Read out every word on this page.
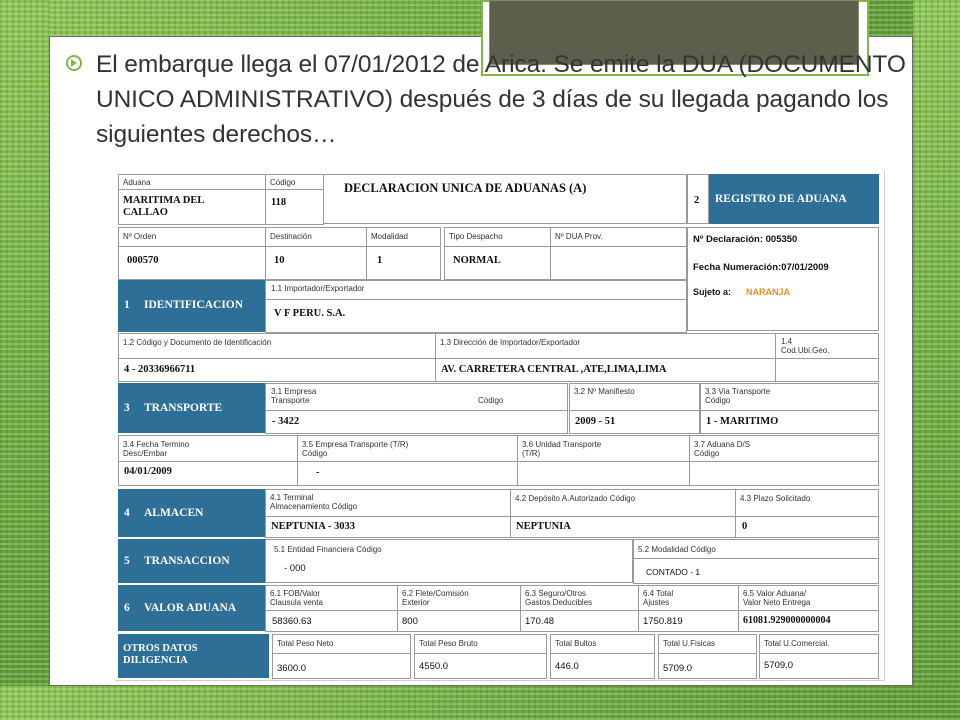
El embarque llega el 07/01/2012 de Arica. Se emite la DUA (DOCUMENTO UNICO ADMINISTRATIVO) después de 3 días de su llegada pagando los siguientes derechos…
Aduana
MARITIMA DEL CALLAO
Código
118
DECLARACION UNICA DE ADUANAS (A)
2 REGISTRO DE ADUANA
Nº Orden
000570
Destinación
10
Modalidad
1
Tipo Despacho
NORMAL
Nº DUA Prov.	Nº Declaración: 005350
Fecha Numeración:07/01/2009
Sujeto a: NARANJA
1 IDENTIFICACION
1.1 Importador/Exportador
V F PERU. S.A.
1.2 Código y Documento de Identificación
4 - 20336966711
1.3 Dirección de Importador/Exportador
AV. CARRETERA CENTRAL ,ATE,LIMA,LIMA
1.4
Cod.Ubi.Geo.
3 TRANSPORTE
3.1 Empresa
Transporte	Código
- 3422
3.2 Nº Manifiesto
2009 - 51
3.3 Via Transporte
Código
1 - MARITIMO
3.4 Fecha Termino
Desc/Embar
04/01/2009
3.5 Empresa Transporte (T/R)
Código
-
3.6 Unidad Transporte
(T/R)
3.7 Aduana D/S
Código
4 ALMACEN
4.1 Terminal
Almacenamiento Código
NEPTUNIA - 3033
4.2 Depósito A.Autorizado Código
NEPTUNIA
4.3 Plazo Solicitado
0
5 TRANSACCION
5.1 Entidad Financiera Código
- 000
5.2 Modalidad Código
CONTADO - 1
6 VALOR ADUANA
6.1 FOB/Valor
Clausula venta
58360.63
6.2 Flete/Comisión
Exterior
800
6.3 Seguro/Otros
Gastos Deducibles
170.48
6.4 Total
Ajustes
1750.819
6.5 Valor Aduana/
Valor Neto Entrega
61081.929000000004
OTROS DATOS
DILIGENCIA
Total Peso Neto
3600.0
Total Peso Bruto
4550.0
Total Bultos
446.0
Total U.Fisicas
5709.0
Total U.Comercial.
5709.0
